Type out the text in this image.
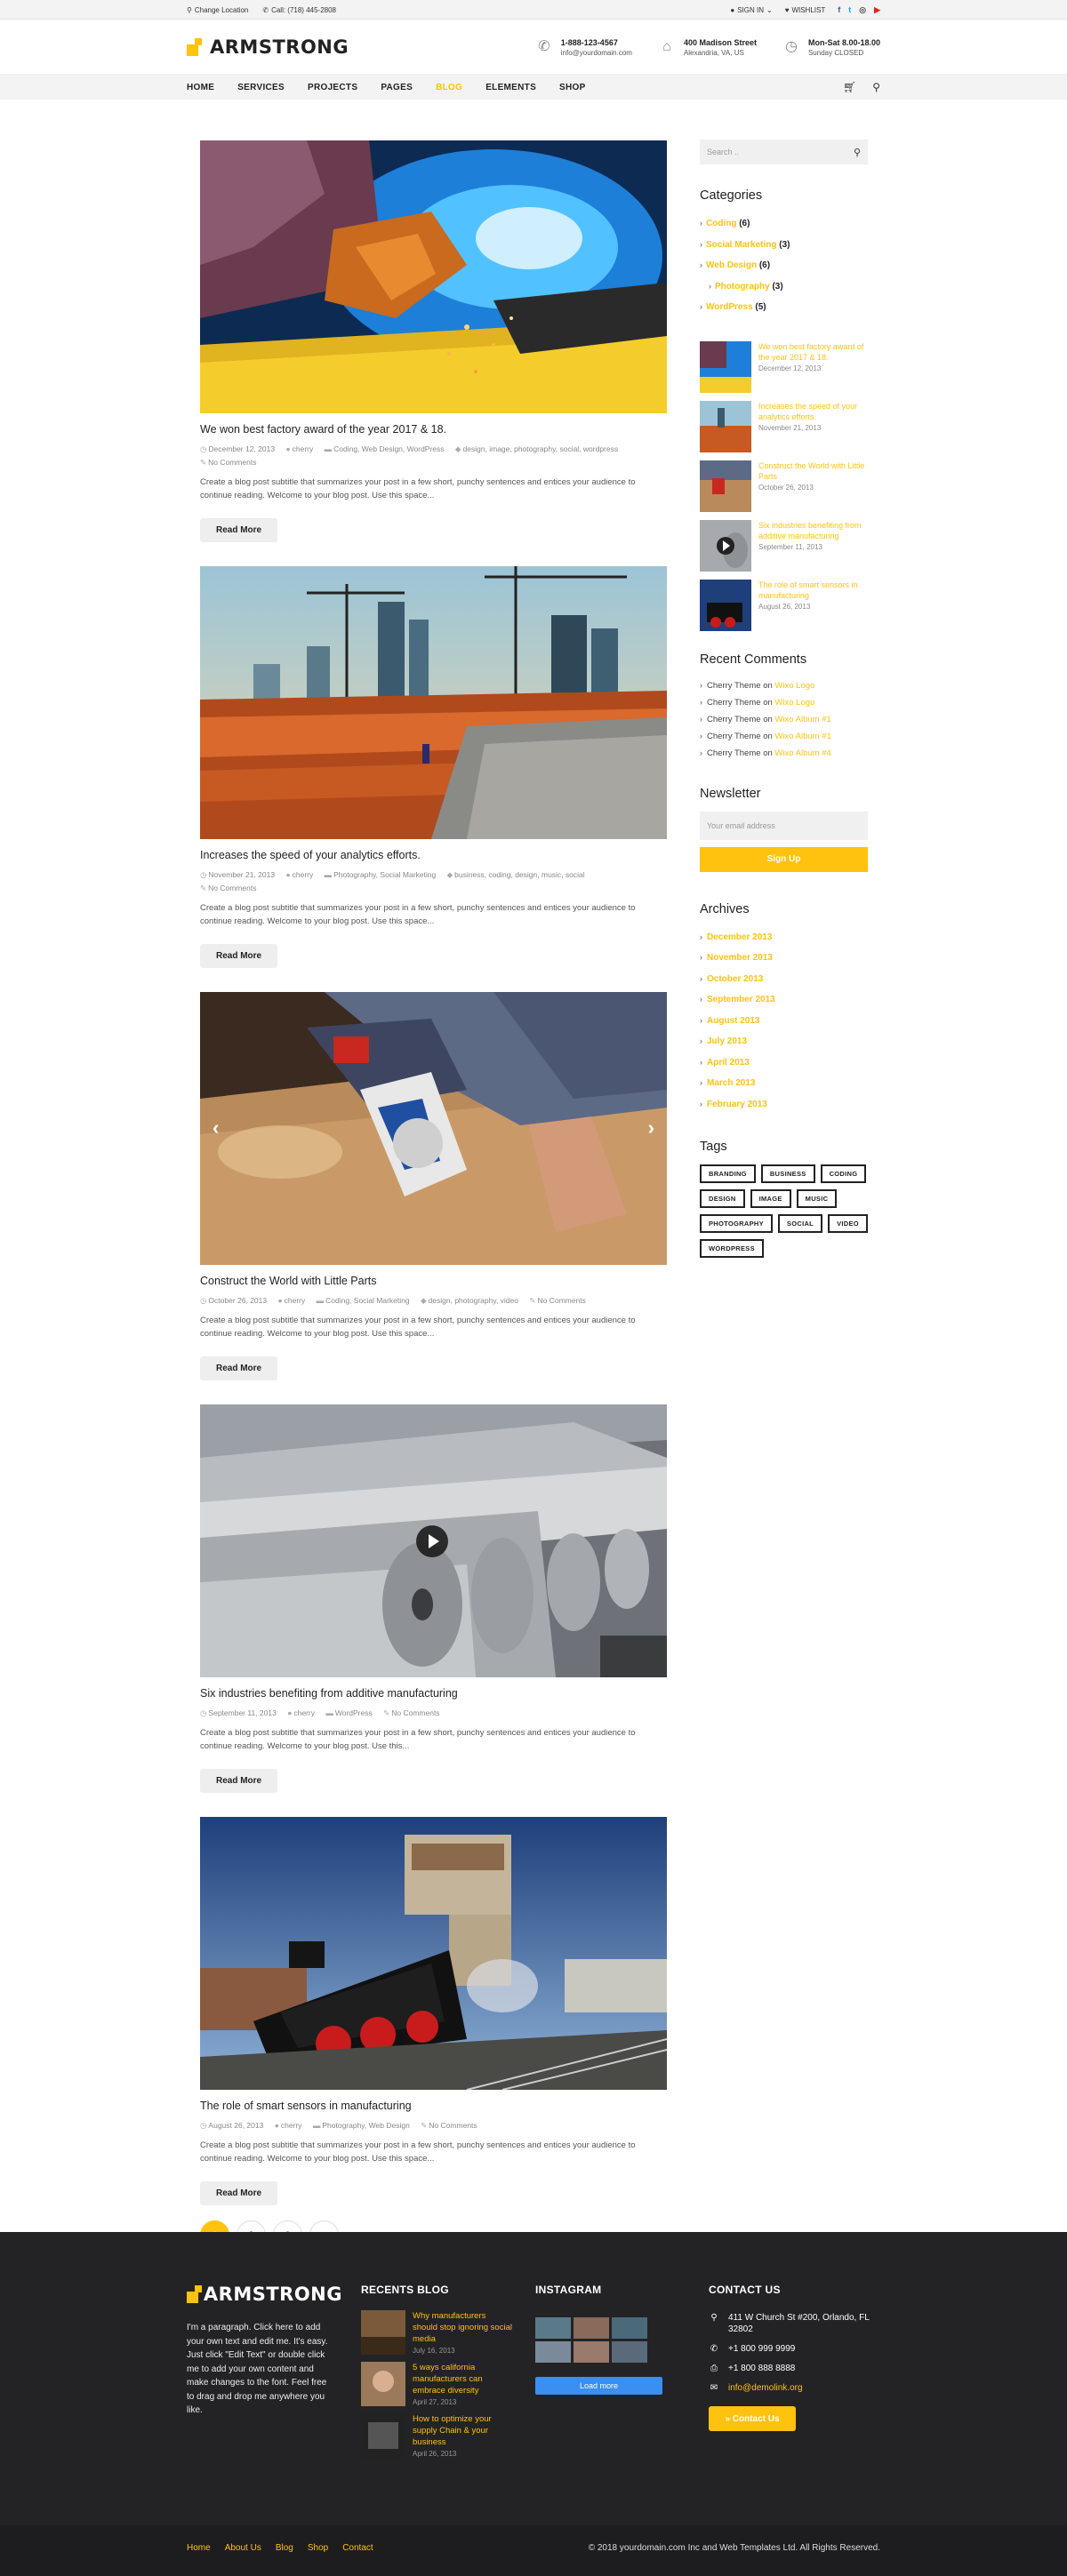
⚲ Change Location ✆ Call: (718) 445-2808	● SIGN IN ⌄ ♥ WISHLIST f t ◎ ▶
ARMSTRONG	✆ 1-888-123-4567
info@yourdomain.com ⌂	400 Madison Street
Alexandria, VA, US	◷ Mon-Sat 8.00-18.00
Sunday CLOSED
HOME	SERVICES	PROJECTS	PAGES	BLOG	ELEMENTS	SHOP	🛒︎ ⚲
We won best factory award of the year 2017 & 18.
◷ December 12, 2013 ● cherry ▬ Coding, Web Design, WordPress ◆ design, image, photography, social, wordpress
✎ No Comments

Create a blog post subtitle that summarizes your post in a few short, punchy sentences and entices your audience to continue reading. Welcome to your blog post. Use this space...

Read More
Increases the speed of your analytics efforts.
◷ November 21, 2013 ● cherry ▬ Photography, Social Marketing ◆ business, coding, design, music, social
✎ No Comments

Create a blog post subtitle that summarizes your post in a few short, punchy sentences and entices your audience to continue reading. Welcome to your blog post. Use this space...

Read More
‹	›
Construct the World with Little Parts
◷ October 26, 2013 ● cherry ▬ Coding, Social Marketing ◆ design, photography, video ✎ No Comments

Create a blog post subtitle that summarizes your post in a few short, punchy sentences and entices your audience to continue reading. Welcome to your blog post. Use this space...

Read More
Six industries benefiting from additive manufacturing
◷ September 11, 2013 ● cherry ▬ WordPress ✎ No Comments

Create a blog post subtitle that summarizes your post in a few short, punchy sentences and entices your audience to continue reading. Welcome to your blog post. Use this...

Read More
The role of smart sensors in manufacturing
◷ August 26, 2013 ● cherry ▬ Photography, Web Design ✎ No Comments

Create a blog post subtitle that summarizes your post in a few short, punchy sentences and entices your audience to continue reading. Welcome to your blog post. Use this space...

Read More
Search ..	⚲
Categories
› Coding (6)
› Social Marketing (3)
› Web Design (6)
› Photography (3)
› WordPress (5)
We won best factory award of the year 2017 & 18.
December 12, 2013
Increases the speed of your analytics efforts.
November 21, 2013
Construct the World with Little Parts
October 26, 2013
Six industries benefiting from additive manufacturing
September 11, 2013
The role of smart sensors in manufacturing
August 26, 2013
Recent Comments
› Cherry Theme on Wixo Logo
› Cherry Theme on Wixo Logo
› Cherry Theme on Wixo Album #1
› Cherry Theme on Wixo Album #1
› Cherry Theme on Wixo Album #4
Newsletter
Your email address
Sign Up
Archives
› December 2013
› November 2013
› October 2013
› September 2013
› August 2013
› July 2013
› April 2013
› March 2013
› February 2013
Tags
BRANDING	BUSINESS	CODING
DESIGN	IMAGE	MUSIC
PHOTOGRAPHY	SOCIAL	VIDEO
WORDPRESS
ARMSTRONG

I'm a paragraph. Click here to add your own text and edit me. It's easy. Just click "Edit Text" or double click me to add your own content and make changes to the font. Feel free to drag and drop me anywhere you like.

RECENTS BLOG
Why manufacturers should stop ignoring social media
July 16, 2013
5 ways california manufacturers can embrace diversity
April 27, 2013
How to optimize your supply Chain & your business
April 26, 2013
INSTAGRAM
Load more
CONTACT US
⚲ 411 W Church St #200, Orlando, FL 32802
✆ +1 800 999 9999
⎙ +1 800 888 8888
✉ info@demolink.org
» Contact Us
Home About Us Blog Shop Contact	© 2018 yourdomain.com Inc and Web Templates Ltd. All Rights Reserved.
